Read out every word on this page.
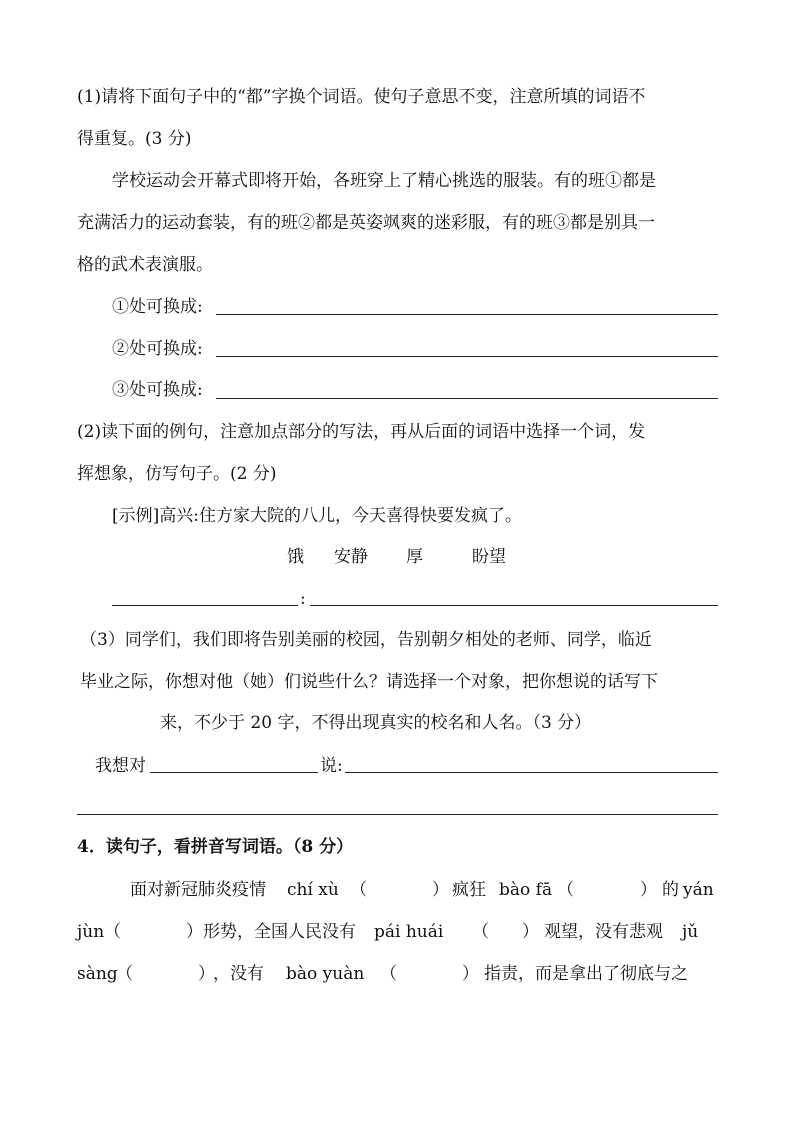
(1)请将下面句子中的“都”字换个词语。使句子意思不变，注意所填的词语不
得重复。(3 分)
学校运动会开幕式即将开始，各班穿上了精心挑选的服装。有的班①都是
充满活力的运动套装，有的班②都是英姿飒爽的迷彩服，有的班③都是别具一
格的武术表演服。
①处可换成:
②处可换成:
③处可换成:
(2)读下面的例句，注意加点部分的写法，再从后面的词语中选择一个词，发
挥想象，仿写句子。(2 分)
[示例]高兴:住方家大院的八儿，今天喜得快要发疯了。
饿 安静 厚	盼望
:
（3）同学们，我们即将告别美丽的校园，告别朝夕相处的老师、同学，临近
毕业之际，你想对他（她）们说些什么？请选择一个对象，把你想说的话写下
来，不少于 20 字，不得出现真实的校名和人名。（3 分）
我想对	说:
4．读句子，看拼音写词语。（8 分）
面对新冠肺炎疫情 chí xù （	） 疯狂 bào fā （	） 的 yán
jùn （	） 形势，全国人民没有 pái huái （ ） 观望，没有悲观 jǔ
sàng
（	）
，没有 bào yuàn （	） 指责，而是拿出了彻底与之
